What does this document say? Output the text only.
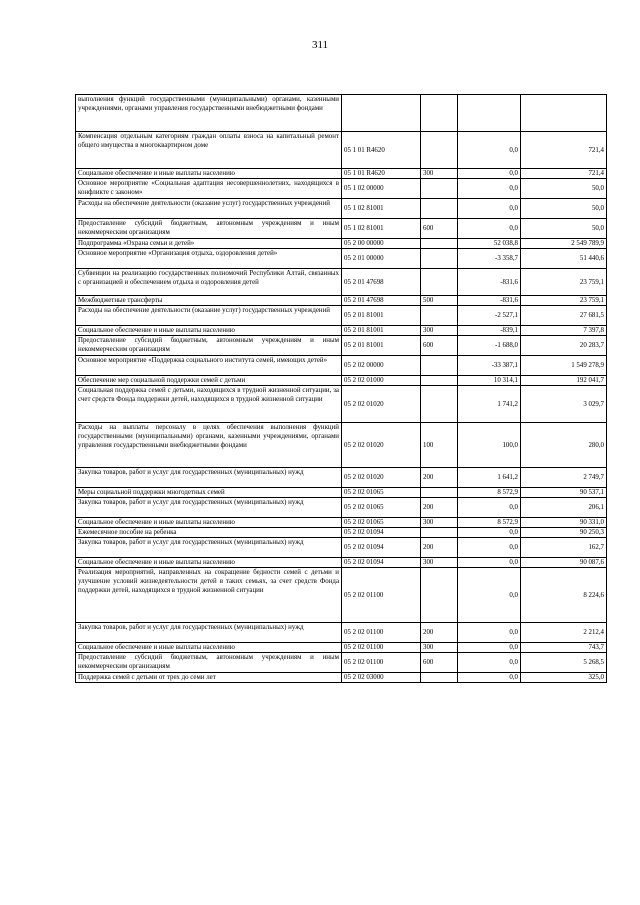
311
выполнения функций государственными (муниципальными) органами, казенными учреждениями, органами управления государственными внебюджетными фондами				
Компенсация отдельным категориям граждан оплаты взноса на капитальный ремонт общего имущества в многоквартирном доме	05 1 01 R4620		0,0	721,4
Социальное обеспечение и иные выплаты населению	05 1 01 R4620	300	0,0	721,4
Основное мероприятие «Социальная адаптация несовершеннолетних, находящихся в конфликте с законом»	05 1 02 00000		0,0	50,0
Расходы на обеспечение деятельности (оказание услуг) государственных учреждений	05 1 02 81001		0,0	50,0
Предоставление субсидий бюджетным, автономным учреждениям и иным некоммерческим организациям	05 1 02 81001	600	0,0	50,0
Подпрограмма «Охрана семьи и детей»	05 2 00 00000		52 038,8	2 549 789,9
Основное мероприятие «Организация отдыха, оздоровления детей»	05 2 01 00000		-3 358,7	51 440,6
Субвенции на реализацию государственных полномочий Республики Алтай, связанных с организацией и обеспечением отдыха и оздоровления детей	05 2 01 47698		-831,6	23 759,1
Межбюджетные трансферты	05 2 01 47698	500	-831,6	23 759,1
Расходы на обеспечение деятельности (оказание услуг) государственных учреждений	05 2 01 81001		-2 527,1	27 681,5
Социальное обеспечение и иные выплаты населению	05 2 01 81001	300	-839,1	7 397,8
Предоставление субсидий бюджетным, автономным учреждениям и иным некоммерческим организациям	05 2 01 81001	600	-1 688,0	20 283,7
Основное мероприятие «Поддержка социального института семей, имеющих детей»	05 2 02 00000		-33 387,1	1 549 278,9
Обеспечение мер социальной поддержки семей с детьми	05 2 02 01000		10 314,1	192 041,7
Социальная поддержка семей с детьми, находящихся в трудной жизненной ситуации, за счет средств Фонда поддержки детей, находящихся в трудной жизненной ситуации	05 2 02 01020		1 741,2	3 029,7
Расходы на выплаты персоналу в целях обеспечения выполнения функций государственными (муниципальными) органами, казенными учреждениями, органами управления государственными внебюджетными фондами	05 2 02 01020	100	100,0	280,0
Закупка товаров, работ и услуг для государственных (муниципальных) нужд	05 2 02 01020	200	1 641,2	2 749,7
Меры социальной поддержки многодетных семей	05 2 02 01065		8 572,9	90 537,1
Закупка товаров, работ и услуг для государственных (муниципальных) нужд	05 2 02 01065	200	0,0	206,1
Социальное обеспечение и иные выплаты населению	05 2 02 01065	300	8 572,9	90 331,0
Ежемесячное пособие на ребенка	05 2 02 01094		0,0	90 250,3
Закупка товаров, работ и услуг для государственных (муниципальных) нужд	05 2 02 01094	200	0,0	162,7
Социальное обеспечение и иные выплаты населению	05 2 02 01094	300	0,0	90 087,6
Реализация мероприятий, направленных на сокращение бедности семей с детьми и улучшение условий жизнедеятельности детей в таких семьях, за счет средств Фонда поддержки детей, находящихся в трудной жизненной ситуации	05 2 02 01100		0,0	8 224,6
Закупка товаров, работ и услуг для государственных (муниципальных) нужд	05 2 02 01100	200	0,0	2 212,4
Социальное обеспечение и иные выплаты населению	05 2 02 01100	300	0,0	743,7
Предоставление субсидий бюджетным, автономным учреждениям и иным некоммерческим организациям	05 2 02 01100	600	0,0	5 268,5
Поддержка семей с детьми от трех до семи лет	05 2 02 03000		0,0	325,0
